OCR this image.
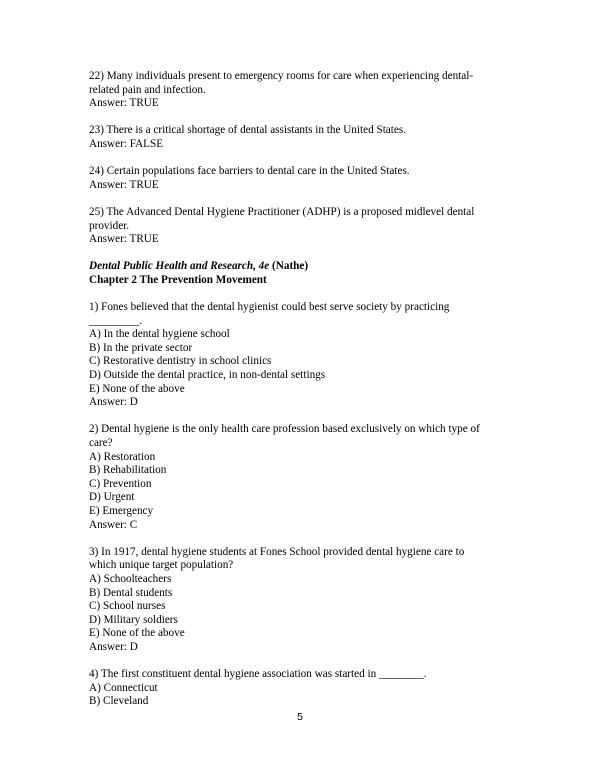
22) Many individuals present to emergency rooms for care when experiencing dental-
related pain and infection.
Answer: TRUE
23) There is a critical shortage of dental assistants in the United States.
Answer: FALSE
24) Certain populations face barriers to dental care in the United States.
Answer: TRUE
25) The Advanced Dental Hygiene Practitioner (ADHP) is a proposed midlevel dental
provider.
Answer: TRUE
Dental Public Health and Research, 4e (Nathe)
Chapter 2 The Prevention Movement
1) Fones believed that the dental hygienist could best serve society by practicing
_________.
A) In the dental hygiene school
B) In the private sector
C) Restorative dentistry in school clinics
D) Outside the dental practice, in non-dental settings
E) None of the above
Answer: D
2) Dental hygiene is the only health care profession based exclusively on which type of
care?
A) Restoration
B) Rehabilitation
C) Prevention
D) Urgent
E) Emergency
Answer: C
3) In 1917, dental hygiene students at Fones School provided dental hygiene care to
which unique target population?
A) Schoolteachers
B) Dental students
C) School nurses
D) Military soldiers
E) None of the above
Answer: D
4) The first constituent dental hygiene association was started in ________.
A) Connecticut
B) Cleveland
5
